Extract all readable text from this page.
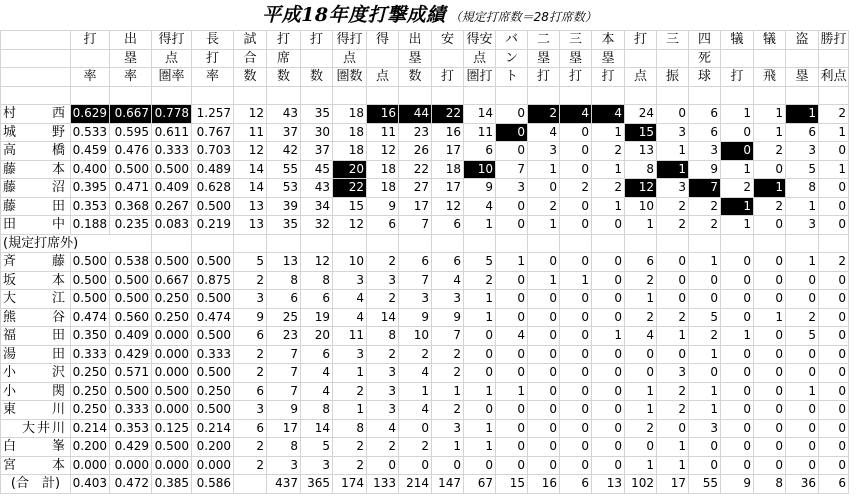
平成18年度打撃成績 （規定打席数＝28打席数）
	打	出	得打	長	試	打	打	得打	得	出	安	得安	バ	二	三	本	打	三	四	犠	犠	盗	勝打
		塁	点	打	合	席		点		塁		点	ン	塁	塁	塁			死				
	率	率	圏率	率	数	数	数	圏数	点	数	打	圏打	ト	打	打	打	点	振	球	打	飛	塁	利点

村 西	0.629	0.667	0.778	1.257	12	43	35	18	16	44	22	14	0	2	4	4	24	0	6	1	1	1	2

城 野	0.533	0.595	0.611	0.767	11	37	30	18	11	23	16	11	0	4	0	1	15	3	6	0	1	6	1

高 橋	0.459	0.476	0.333	0.703	12	42	37	18	12	26	17	6	0	3	0	2	13	1	3	0	2	3	0

藤 本	0.400	0.500	0.500	0.489	14	55	45	20	18	22	18	10	7	1	0	1	8	1	9	1	0	5	1

藤 沼	0.395	0.471	0.409	0.628	14	53	43	22	18	27	17	9	3	0	2	2	12	3	7	2	1	8	0

藤 田	0.353	0.368	0.267	0.500	13	39	34	15	9	17	12	4	0	2	0	1	10	2	2	1	2	1	0

田 中	0.188	0.235	0.083	0.219	13	35	32	12	6	7	6	1	0	1	0	0	1	2	2	1	0	3	0
(規定打席外)																							

斉 藤	0.500	0.538	0.500	0.500	5	13	12	10	2	6	6	5	1	0	0	0	6	0	1	0	0	1	2

坂 本	0.500	0.500	0.667	0.875	2	8	8	3	3	7	4	2	0	1	1	0	2	0	0	0	0	0	0

大 江	0.500	0.500	0.250	0.500	3	6	6	4	2	3	3	1	0	0	0	0	1	0	0	0	0	0	0

熊 谷	0.474	0.560	0.250	0.474	9	25	19	4	14	9	9	1	0	0	0	0	2	2	5	0	1	2	0

福 田	0.350	0.409	0.000	0.500	6	23	20	11	8	10	7	0	4	0	0	1	4	1	2	1	0	5	0

湯 田	0.333	0.429	0.000	0.333	2	7	6	3	2	2	2	0	0	0	0	0	0	0	1	0	0	0	0

小 沢	0.250	0.571	0.000	0.500	2	7	4	1	3	4	2	0	0	0	0	0	0	3	0	0	0	0	0

小 関	0.250	0.500	0.500	0.250	6	7	4	2	3	1	1	1	1	0	0	0	1	2	1	0	0	1	0

東 川	0.250	0.333	0.000	0.500	3	9	8	1	3	4	2	0	0	0	0	0	1	2	1	0	0	0	0

大 井 川	0.214	0.353	0.125	0.214	6	17	14	8	4	0	3	1	0	0	0	0	2	0	3	0	0	0	0

白 峯	0.200	0.429	0.500	0.200	2	8	5	2	2	2	1	1	0	0	0	0	0	1	0	0	0	0	0

宮 本	0.000	0.000	0.000	0.000	2	3	3	2	0	0	0	0	0	0	0	0	1	1	0	0	0	0	0
(合　計)	0.403	0.472	0.385	0.586		437	365	174	133	214	147	67	15	16	6	13	102	17	55	9	8	36	6
